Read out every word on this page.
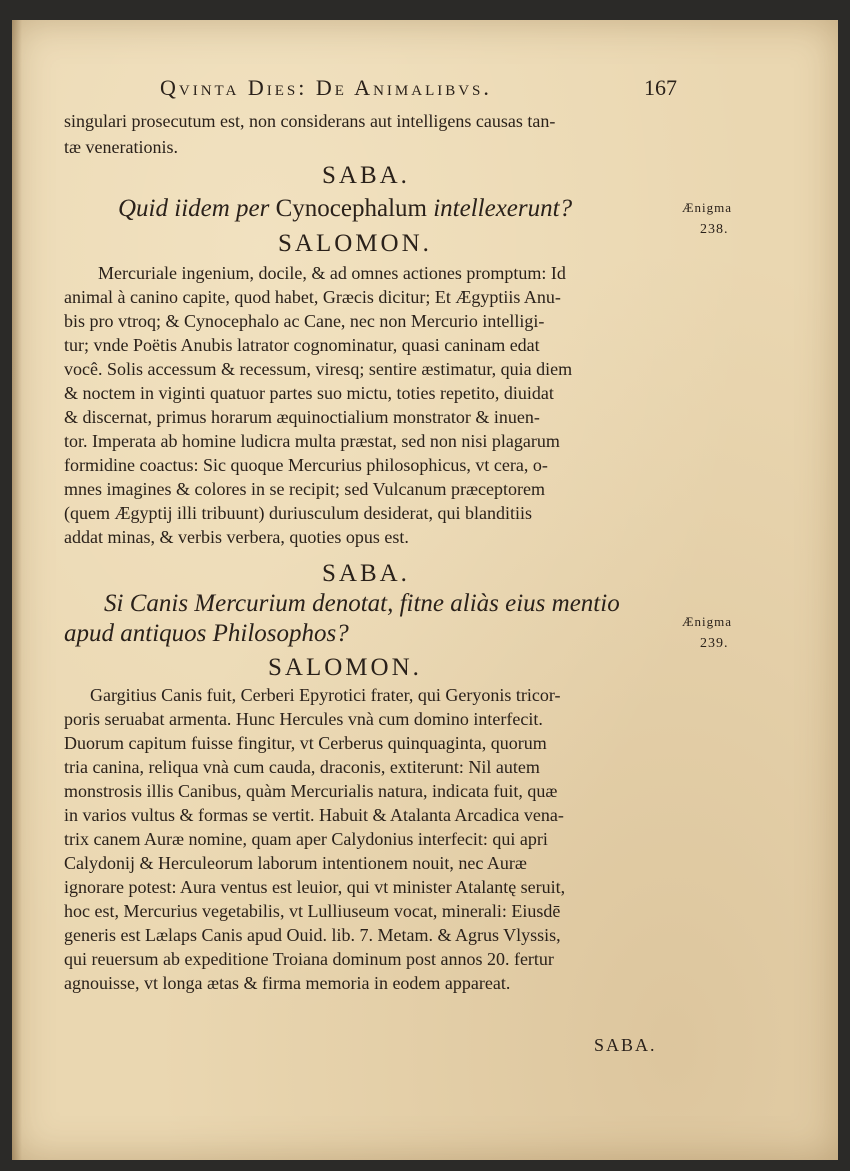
Qvinta Dies: De Animalibvs.	167
singulari prosecutum est, non considerans aut intelligens causas tan-
tæ venerationis.
SABA.
Quid iidem per Cynocephalum intellexerunt?	Ænigma
238.
SALOMON.
Mercuriale ingenium, docile, & ad omnes actiones promptum: Id
animal à canino capite, quod habet, Græcis dicitur; Et Ægyptiis Anu-
bis pro vtroq; & Cynocephalo ac Cane, nec non Mercurio intelligi-
tur; vnde Poëtis Anubis latrator cognominatur, quasi caninam edat
você. Solis accessum & recessum, viresq; sentire æstimatur, quia diem
& noctem in viginti quatuor partes suo mictu, toties repetito, diuidat
& discernat, primus horarum æquinoctialium monstrator & inuen-
tor. Imperata ab homine ludicra multa præstat, sed non nisi plagarum
formidine coactus: Sic quoque Mercurius philosophicus, vt cera, o-
mnes imagines & colores in se recipit; sed Vulcanum præceptorem
(quem Ægyptij illi tribuunt) duriusculum desiderat, qui blanditiis
addat minas, & verbis verbera, quoties opus est.
SABA.
Si Canis Mercurium denotat, fitne aliàs eius mentio
apud antiquos Philosophos?	Ænigma
239.
SALOMON.
Gargitius Canis fuit, Cerberi Epyrotici frater, qui Geryonis tricor-
poris seruabat armenta. Hunc Hercules vnà cum domino interfecit.
Duorum capitum fuisse fingitur, vt Cerberus quinquaginta, quorum
tria canina, reliqua vnà cum cauda, draconis, extiterunt: Nil autem
monstrosis illis Canibus, quàm Mercurialis natura, indicata fuit, quæ
in varios vultus & formas se vertit. Habuit & Atalanta Arcadica vena-
trix canem Auræ nomine, quam aper Calydonius interfecit: qui apri
Calydonij & Herculeorum laborum intentionem nouit, nec Auræ
ignorare potest: Aura ventus est leuior, qui vt minister Atalantę seruit,
hoc est, Mercurius vegetabilis, vt Lulliuseum vocat, minerali: Eiusdē
generis est Lælaps Canis apud Ouid. lib. 7. Metam. & Agrus Vlyssis,
qui reuersum ab expeditione Troiana dominum post annos 20. fertur
agnouisse, vt longa ætas & firma memoria in eodem appareat.
SABA.
